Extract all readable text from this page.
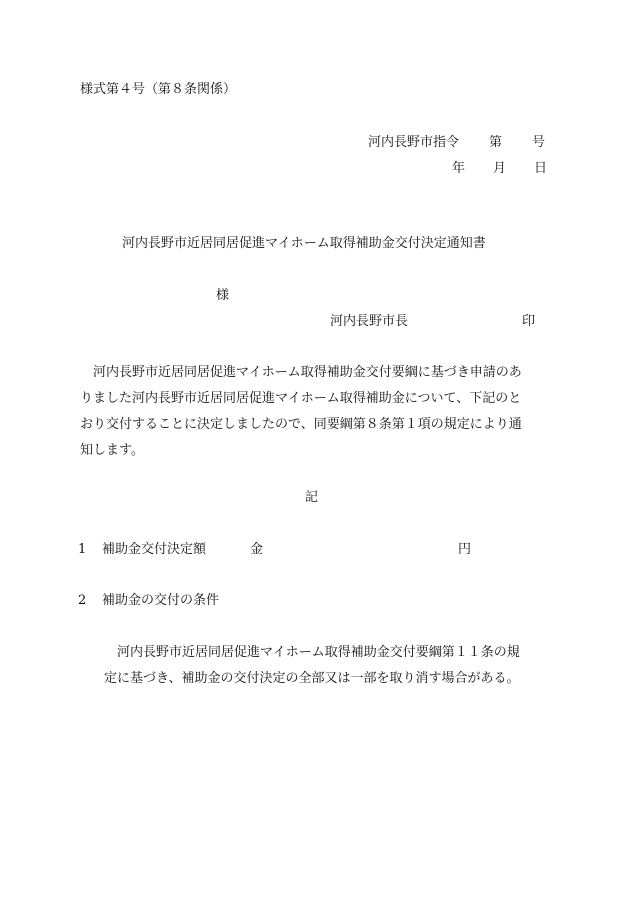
様式第４号（第８条関係）
河内長野市指令 第 号
年 月 日
河内長野市近居同居促進マイホーム取得補助金交付決定通知書
様
河内長野市長	印
　河内長野市近居同居促進マイホーム取得補助金交付要綱に基づき申請のあ
りました河内長野市近居同居促進マイホーム取得補助金について、下記のと
おり交付することに決定しましたので、同要綱第８条第１項の規定により通
知します。
記
1 補助金交付決定額	金	円
2 補助金の交付の条件
　河内長野市近居同居促進マイホーム取得補助金交付要綱第１１条の規
定に基づき、補助金の交付決定の全部又は一部を取り消す場合がある。
